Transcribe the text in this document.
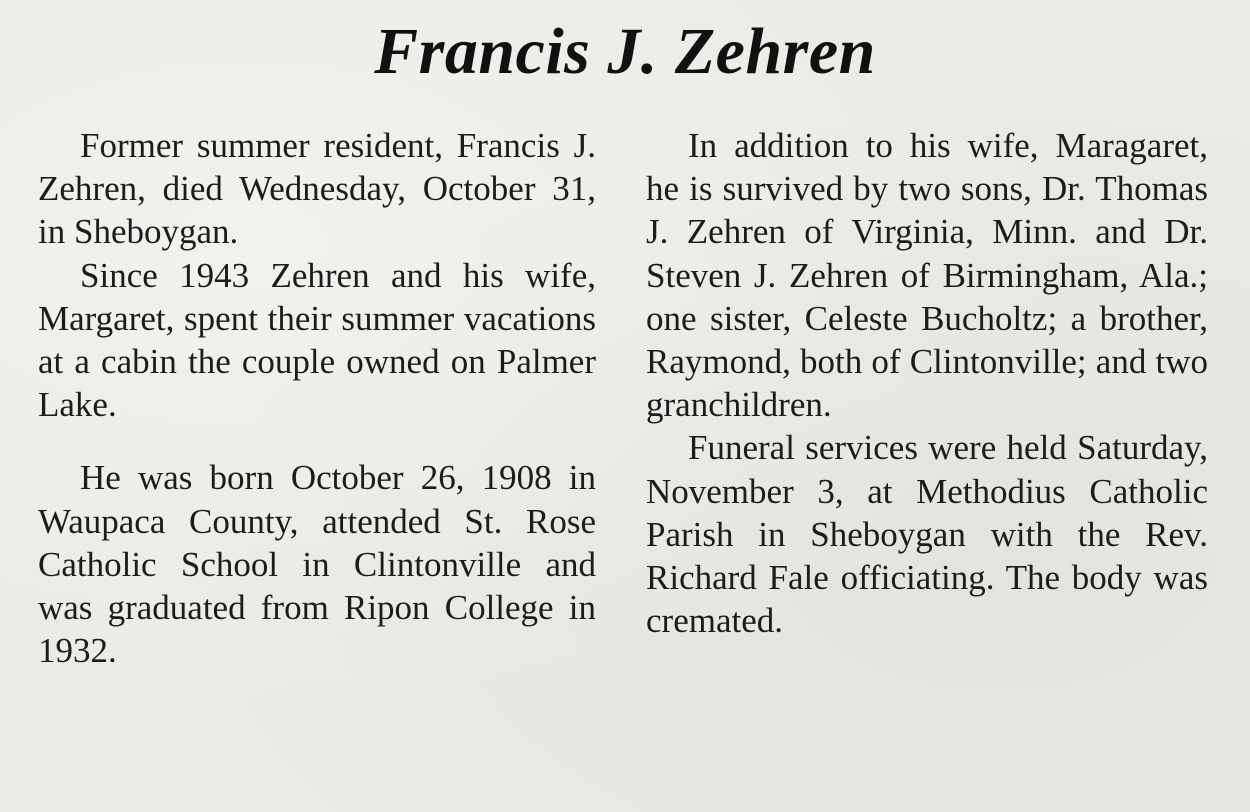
Francis J. Zehren

Former summer resident, Francis J. Zehren, died Wednesday, October 31, in Sheboygan.

Since 1943 Zehren and his wife, Margaret, spent their summer vacations at a cabin the couple owned on Palmer Lake.

He was born October 26, 1908 in Waupaca County, attended St. Rose Catholic School in Clintonville and was graduated from Ripon College in 1932.

In addition to his wife, Maragaret, he is survived by two sons, Dr. Thomas J. Zehren of Virginia, Minn. and Dr. Steven J. Zehren of Birmingham, Ala.; one sister, Celeste Bucholtz; a brother, Raymond, both of Clintonville; and two granchildren.

Funeral services were held Saturday, November 3, at Methodius Catholic Parish in Sheboygan with the Rev. Richard Fale officiating. The body was cremated.
